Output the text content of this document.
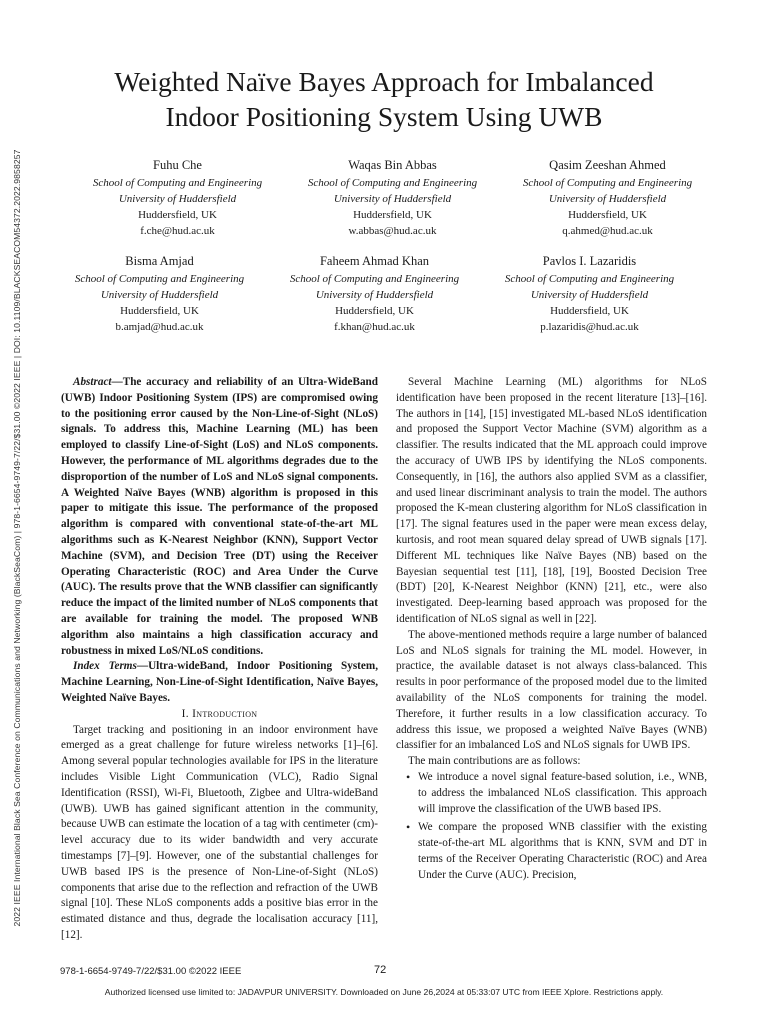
2022 IEEE International Black Sea Conference on Communications and Networking (BlackSeaCom) | 978-1-6654-9749-7/22/$31.00 ©2022 IEEE | DOI: 10.1109/BLACKSEACOM54372.2022.9858257
Weighted Naïve Bayes Approach for Imbalanced
Indoor Positioning System Using UWB
Fuhu Che
School of Computing and Engineering
University of Huddersfield
Huddersfield, UK
f.che@hud.ac.uk
Waqas Bin Abbas
School of Computing and Engineering
University of Huddersfield
Huddersfield, UK
w.abbas@hud.ac.uk
Qasim Zeeshan Ahmed
School of Computing and Engineering
University of Huddersfield
Huddersfield, UK
q.ahmed@hud.ac.uk
Bisma Amjad
School of Computing and Engineering
University of Huddersfield
Huddersfield, UK
b.amjad@hud.ac.uk
Faheem Ahmad Khan
School of Computing and Engineering
University of Huddersfield
Huddersfield, UK
f.khan@hud.ac.uk
Pavlos I. Lazaridis
School of Computing and Engineering
University of Huddersfield
Huddersfield, UK
p.lazaridis@hud.ac.uk

Abstract—The accuracy and reliability of an Ultra-WideBand (UWB) Indoor Positioning System (IPS) are compromised owing to the positioning error caused by the Non-Line-of-Sight (NLoS) signals. To address this, Machine Learning (ML) has been employed to classify Line-of-Sight (LoS) and NLoS components. However, the performance of ML algorithms degrades due to the disproportion of the number of LoS and NLoS signal components. A Weighted Naïve Bayes (WNB) algorithm is proposed in this paper to mitigate this issue. The performance of the proposed algorithm is compared with conventional state-of-the-art ML algorithms such as K-Nearest Neighbor (KNN), Support Vector Machine (SVM), and Decision Tree (DT) using the Receiver Operating Characteristic (ROC) and Area Under the Curve (AUC). The results prove that the WNB classifier can significantly reduce the impact of the limited number of NLoS components that are available for training the model. The proposed WNB algorithm also maintains a high classification accuracy and robustness in mixed LoS/NLoS conditions.

Index Terms—Ultra-wideBand, Indoor Positioning System, Machine Learning, Non-Line-of-Sight Identification, Naïve Bayes, Weighted Naïve Bayes.

I. Introduction

Target tracking and positioning in an indoor environment have emerged as a great challenge for future wireless networks [1]–[6]. Among several popular technologies available for IPS in the literature includes Visible Light Communication (VLC), Radio Signal Identification (RSSI), Wi-Fi, Bluetooth, Zigbee and Ultra-wideBand (UWB). UWB has gained significant attention in the community, because UWB can estimate the location of a tag with centimeter (cm)-level accuracy due to its wider bandwidth and very accurate timestamps [7]–[9]. However, one of the substantial challenges for UWB based IPS is the presence of Non-Line-of-Sight (NLoS) components that arise due to the reflection and refraction of the UWB signal [10]. These NLoS components adds a positive bias error in the estimated distance and thus, degrade the localisation accuracy [11], [12].

Several Machine Learning (ML) algorithms for NLoS identification have been proposed in the recent literature [13]–[16]. The authors in [14], [15] investigated ML-based NLoS identification and proposed the Support Vector Machine (SVM) algorithm as a classifier. The results indicated that the ML approach could improve the accuracy of UWB IPS by identifying the NLoS components. Consequently, in [16], the authors also applied SVM as a classifier, and used linear discriminant analysis to train the model. The authors proposed the K-mean clustering algorithm for NLoS classification in [17]. The signal features used in the paper were mean excess delay, kurtosis, and root mean squared delay spread of UWB signals [17]. Different ML techniques like Naïve Bayes (NB) based on the Bayesian sequential test [11], [18], [19], Boosted Decision Tree (BDT) [20], K-Nearest Neighbor (KNN) [21], etc., were also investigated. Deep-learning based approach was proposed for the identification of NLoS signal as well in [22].

The above-mentioned methods require a large number of balanced LoS and NLoS signals for training the ML model. However, in practice, the available dataset is not always class-balanced. This results in poor performance of the proposed model due to the limited availability of the NLoS components for training the model. Therefore, it further results in a low classification accuracy. To address this issue, we proposed a weighted Naïve Bayes (WNB) classifier for an imbalanced LoS and NLoS signals for UWB IPS.

The main contributions are as follows:

• We introduce a novel signal feature-based solution, i.e., WNB, to address the imbalanced NLoS classification. This approach will improve the classification of the UWB based IPS.
• We compare the proposed WNB classifier with the existing state-of-the-art ML algorithms that is KNN, SVM and DT in terms of the Receiver Operating Characteristic (ROC) and Area Under the Curve (AUC). Precision,
978-1-6654-9749-7/22/$31.00 ©2022 IEEE	72
Authorized licensed use limited to: JADAVPUR UNIVERSITY. Downloaded on June 26,2024 at 05:33:07 UTC from IEEE Xplore. Restrictions apply.
